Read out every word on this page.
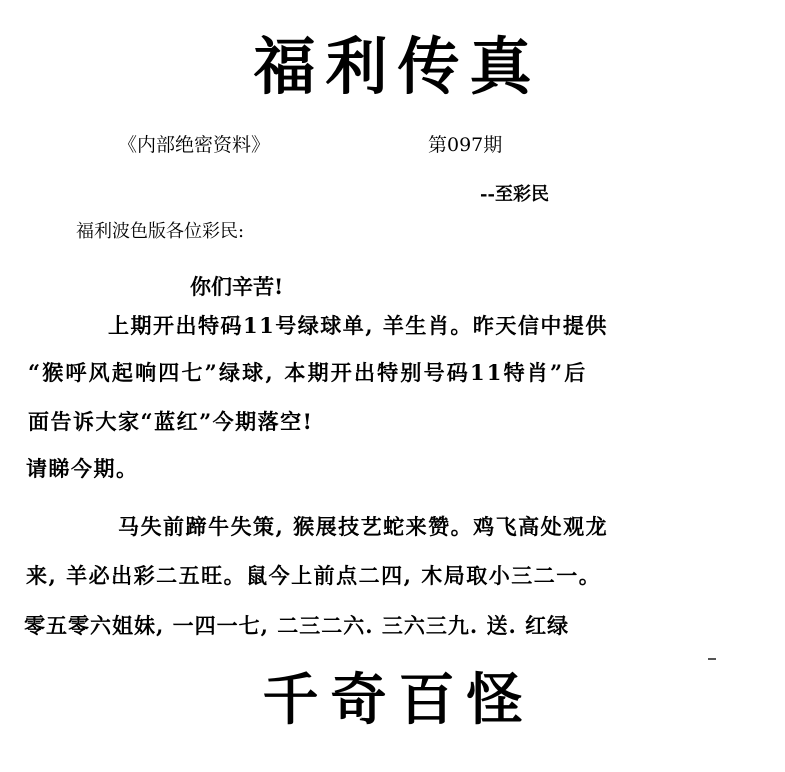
福利传真
《内部绝密资料》	第097期
--至彩民
福利波色版各位彩民:
你们辛苦!
上期开出特码11号绿球单, 羊生肖。昨天信中提供
“猴呼风起响四七”绿球, 本期开出特别号码11特肖”后
面告诉大家“蓝红”今期落空!
请睇今期。
马失前蹄牛失策, 猴展技艺蛇来赞。鸡飞高处观龙
来, 羊必出彩二五旺。鼠今上前点二四, 木局取小三二一。
零五零六姐妹, 一四一七, 二三二六. 三六三九. 送. 红绿
千奇百怪
